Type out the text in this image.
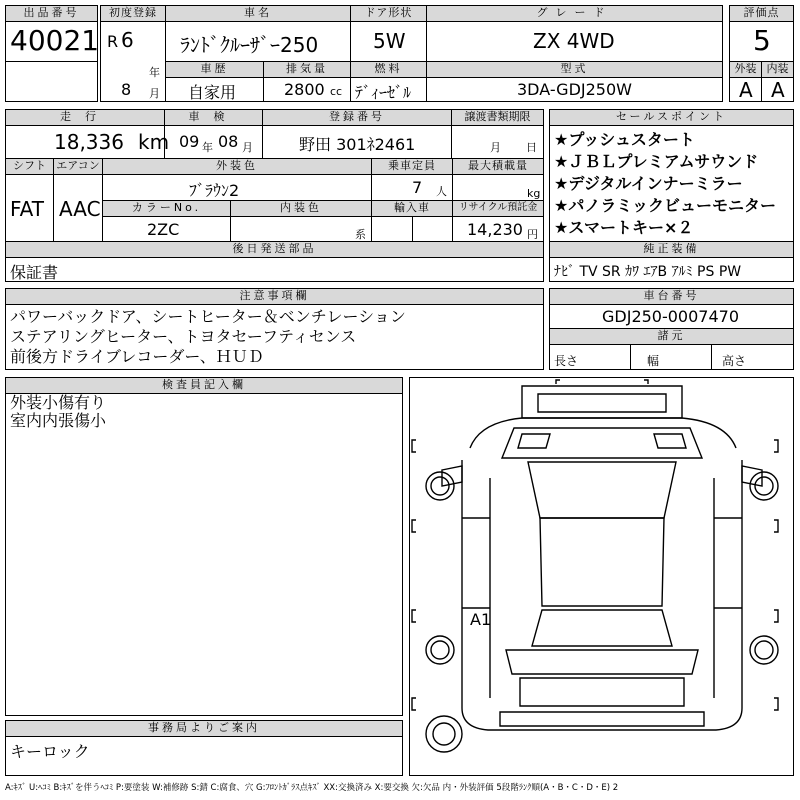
出品番号
40021
初度登録
R 6
年
8 月
車名
ﾗﾝﾄﾞｸﾙｰｻﾞｰ250
ドア形状
5W
グレード
ZX 4WD
評価点
5
車歴
自家用
排気量
2800 cc
燃料
ﾃﾞｨｰｾﾞﾙ
型式
3DA-GDJ250W
外装 内装
A A
走行
18,336 km
車検
09 年 08 月
登録番号
野田 301ﾈ2461
譲渡書類期限
月 日
セールスポイント
★プッシュスタート
★ＪＢＬプレミアムサウンド
★デジタルインナーミラー
★パノラミックビューモニター
★スマートキー×２
シフト
FAT
エアコン
AAC
外装色
ﾌﾞﾗｳﾝ2
乗車定員
7 人
最大積載量
kg
カラーNo.
2ZC
内装色
系
輸入車	リサイクル預託金
14,230 円
後日発送部品
保証書
純正装備
ﾅﾋﾞ TV SR ｶﾜ ｴｱB ｱﾙﾐ PS PW
注意事項欄
パワーバックドア、シートヒーター＆ベンチレーション
ステアリングヒーター、トヨタセーフティセンス
前後方ドライブレコーダー、ＨＵＤ
車台番号
GDJ250-0007470
諸元
長さ	幅	高さ
検査員記入欄
外装小傷有り
室内内張傷小
事務局よりご案内
キーロック
A1
A:ｷｽﾞ U:ﾍｺﾐ B:ｷｽﾞを伴うﾍｺﾐ P:要塗装 W:補修跡 S:錆 C:腐食、穴 G:ﾌﾛﾝﾄｶﾞﾗｽ点ｷｽﾞ XX:交換済み X:要交換 欠:欠品 内・外装評価 5段階ﾗﾝｸ順(A・B・C・D・E) 2
